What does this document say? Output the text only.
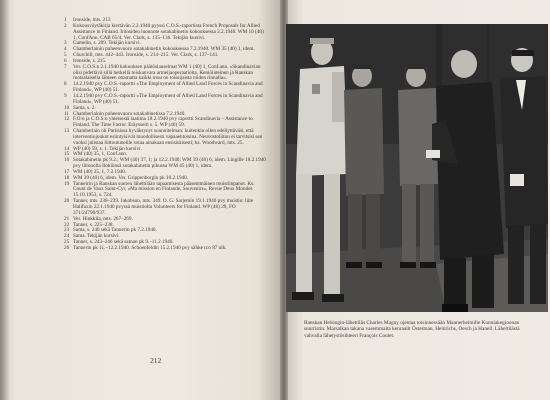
1	Ironside, mts. 213
2	Kokousvöytäkirja kiertävän 2.2.1940 pyyssi C.O.S.-raportista French Proposals for Allied Assistance in Finland. Ironsiden luonnote sotakabinetin kokouksessa 2.2.1940. WM 10 (40) 1, ConfAnn. CAB 65/4. Ver. Clark, s. 135–136. Tekijän kursivi.
3	Gamelin, s. 209. Tekijän kursivi.
4	Chamberlainin puheenvuoro sotakabinetin kokouksessa 7.2.1940. WM 35 (40) 1, idem.
5	Churchill, mts. 442–443. Ironside, s. 214–215. Ver. Clark, s. 137–141.
6	Ironside, s. 215.
7	Ver. C.O.S:n 2.1.1940 kokouksen päätöslauselmat WM 1 (40) 1, Conf.ann. »Skandinavian olisi pidettävä sillä herkellä toiskanvara armeijaoperaatioita. Keniöinteinen ja Ranskan ruotsalaisella lähteen ottamatta kaikki muu on toissijaista niiden rinnalla».
8	14.2.1940 pvy C.O.S.-raportti »The Employment of Allied Land Forces in Scandinavia and Finland», WP (40) 51.
9	14.2.1940 pvy C.O.S.-raportti »The Employment of Allied Land Forces in Scandinavia and Finland», WP (40) 51.
10 Sama, s. 2.
11 Chamberlainin puheenvuoro sotakabinetissa 7.2.1940.
12 F.O:n ja C.O.S:n yhteisestä laatima 18.2.1940 pvy raportti Scandinavia – Assistance to Finland. The Time Factor. Eräysseiti s. 5. WP (40) 59.
13 Chamberlain oli Pariisissa hyväksynyt suunnitelman: kuitenkin ollen edellyttäväsi, että interventiojoukot esiintyisivät muodollisesti vapaaehtoisina. Neuvostoliiton ei tarvitsisi sen vuoksi julistaa liittoutuneille sotaa ainakaan ensisisäisesti; ks. Woodward, mts. 25.
14 WP (40) 59, s. 1. Tekijän kursivi.
15 WM (40) 35, 1, Conf.ann.
16 Sotakabinetin pk 9.2.; WM (40) 37, 1; ja 12.2.1940; WM 39 (40) 6, idem. Lingille 18.2.1940 pvy liitonolla Ilokiönsä sotakabinetin pikussa WM 45 (40) 1, idem.
17 WM (40) 35, 1, 7.2.1940.
18 WM 39 (40) 6, idem. Ver. Grippenborgin pk 10.2.1940.
19 Tanneirin ja Ranskan suuren lähettilään tapaamisesta pääsemmäinen muistiinpanot. Ks. Count de Vaux Saint-Cyr, »Ma mission en Finlande, Souvenirs«, Revue Deux Mondes 15.10.1953, s. 724.
20 Tanner, mts. 238–239. Jakobson, mts. 349. O. G. Sarjemin 19.1.1940 pvy muistio: liite Halifaxin 22.1.1940 pvyssä muistiolta Volunteers for Finland. WP (40) 29, FO 371/24790/937.
21 Ver. Hinkkila, mts. 267–269.
22 Tanner, s. 225–238.
23 Sama, s. 240 sekä Tannerin pk 7.2.1940.
24 Sama. Tekijän kursivi.
25 Tanner, s. 243–246 sekä saman pk 9.–11.2.1940.
26 Tannerin pk 11.–12.2.1940. Schoenfeldin 15.2.1940 pvy sähke n:o 87 ulk.
212
Ranskan Helsingin-lähettiläs Charles Magny ojentaa toisinnessään Mannerheimille Kunniakegioonan suurristin. Marsalkan takana vasemmalta kenraalit Österman, Heinrichs, Oesch ja Hanell. Lähettilästä vahvalla lähetystösihteeri François Coulet.
